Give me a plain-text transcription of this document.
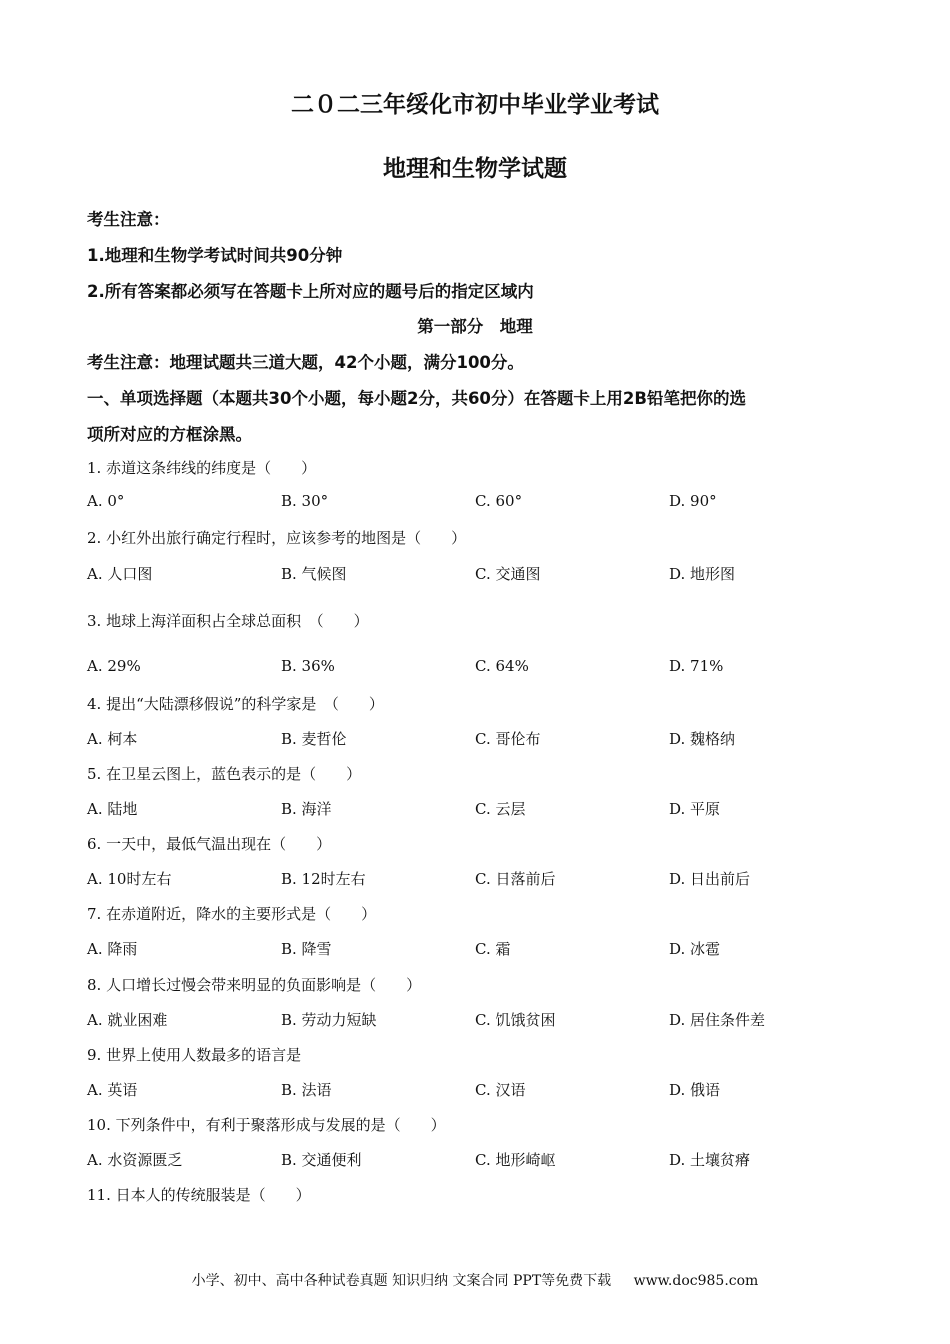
二０二三年绥化市初中毕业学业考试
地理和生物学试题
考生注意：
1.地理和生物学考试时间共90分钟
2.所有答案都必须写在答题卡上所对应的题号后的指定区域内
第一部分　地理
考生注意：地理试题共三道大题，42个小题，满分100分。
一、单项选择题（本题共30个小题，每小题2分，共60分）在答题卡上用2B铅笔把你的选
项所对应的方框涂黑。
1. 赤道这条纬线的纬度是（　　）
A. 0°	B. 30°	C. 60°	D. 90°
2. 小红外出旅行确定行程时，应该参考的地图是（　　）
A. 人口图	B. 气候图	C. 交通图	D. 地形图
3. 地球上海洋面积占全球总面积　（　　）
A. 29%	B. 36%	C. 64%	D. 71%
4. 提出“大陆漂移假说”的科学家是　（　　）
A. 柯本	B. 麦哲伦	C. 哥伦布	D. 魏格纳
5. 在卫星云图上，蓝色表示的是（　　）
A. 陆地	B. 海洋	C. 云层	D. 平原
6. 一天中，最低气温出现在（　　）
A. 10时左右	B. 12时左右	C. 日落前后	D. 日出前后
7. 在赤道附近，降水的主要形式是（　　）
A. 降雨	B. 降雪	C. 霜	D. 冰雹
8. 人口增长过慢会带来明显的负面影响是（　　）
A. 就业困难	B. 劳动力短缺	C. 饥饿贫困	D. 居住条件差
9. 世界上使用人数最多的语言是
A. 英语	B. 法语	C. 汉语	D. 俄语
10. 下列条件中，有利于聚落形成与发展的是（　　）
A. 水资源匮乏	B. 交通便利	C. 地形崎岖	D. 土壤贫瘠
11. 日本人的传统服装是（　　）
小学、初中、高中各种试卷真题 知识归纳 文案合同 PPT等免费下载 www.doc985.com
